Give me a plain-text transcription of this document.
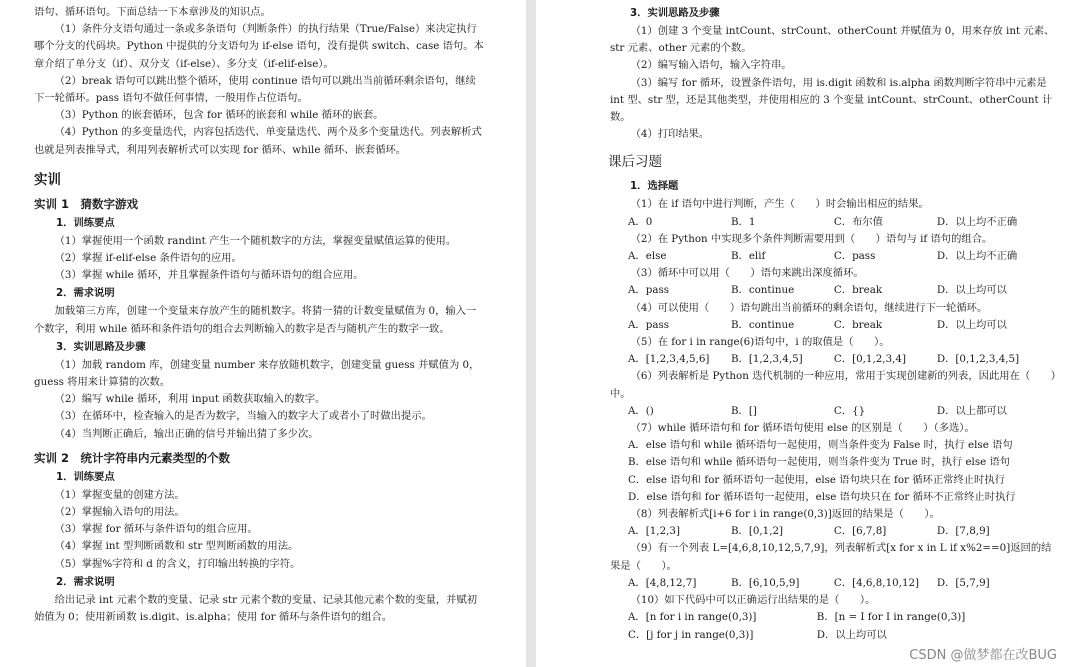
语句、循环语句。下面总结一下本章涉及的知识点。

（1）条件分支语句通过一条或多条语句（判断条件）的执行结果（True/False）来决定执行哪个分支的代码块。Python 中提供的分支语句为 if-else 语句，没有提供 switch、case 语句。本章介绍了单分支（if）、双分支（if-else）、多分支（if-elif-else）。

（2）break 语句可以跳出整个循环，使用 continue 语句可以跳出当前循环剩余语句，继续下一轮循环。pass 语句不做任何事情，一般用作占位语句。

（3）Python 的嵌套循环，包含 for 循环的嵌套和 while 循环的嵌套。

（4）Python 的多变量迭代，内容包括迭代、单变量迭代、两个及多个变量迭代。列表解析式也就是列表推导式，利用列表解析式可以实现 for 循环、while 循环、嵌套循环。

实训
实训 1　猜数字游戏
1．训练要点

（1）掌握使用一个函数 randint 产生一个随机数字的方法，掌握变量赋值运算的使用。

（2）掌握 if-elif-else 条件语句的应用。

（3）掌握 while 循环，并且掌握条件语句与循环语句的组合应用。

2．需求说明

加载第三方库，创建一个变量来存放产生的随机数字。将猜一猜的计数变量赋值为 0，输入一个数字，利用 while 循环和条件语句的组合去判断输入的数字是否与随机产生的数字一致。

3．实训思路及步骤

（1）加载 random 库，创建变量 number 来存放随机数字，创建变量 guess 并赋值为 0，guess 将用来计算猜的次数。

（2）编写 while 循环，利用 input 函数获取输入的数字。

（3）在循环中，检查输入的是否为数字，当输入的数字大了或者小了时做出提示。

（4）当判断正确后，输出正确的信号并输出猜了多少次。

实训 2　统计字符串内元素类型的个数
1．训练要点

（1）掌握变量的创建方法。

（2）掌握输入语句的用法。

（3）掌握 for 循环与条件语句的组合应用。

（4）掌握 int 型判断函数和 str 型判断函数的用法。

（5）掌握%字符和 d 的含义，打印输出转换的字符。

2．需求说明

给出记录 int 元素个数的变量、记录 str 元素个数的变量、记录其他元素个数的变量，并赋初始值为 0；使用新函数 is.digit、is.alpha；使用 for 循环与条件语句的组合。

3．实训思路及步骤

（1）创建 3 个变量 intCount、strCount、otherCount 并赋值为 0，用来存放 int 元素、str 元素、other 元素的个数。

（2）编写输入语句，输入字符串。

（3）编写 for 循环，设置条件语句，用 is.digit 函数和 is.alpha 函数判断字符串中元素是 int 型、str 型，还是其他类型，并使用相应的 3 个变量 intCount、strCount、otherCount 计数。

（4）打印结果。

课后习题
1．选择题

（1）在 if 语句中进行判断，产生（　　）时会输出相应的结果。

A．0	B．1	C．布尔值	D．以上均不正确

（2）在 Python 中实现多个条件判断需要用到（　　）语句与 if 语句的组合。

A．else	B．elif	C．pass	D．以上均不正确

（3）循环中可以用（　　）语句来跳出深度循环。

A．pass	B．continue	C．break	D．以上均可以

（4）可以使用（　　）语句跳出当前循环的剩余语句，继续进行下一轮循环。

A．pass	B．continue	C．break	D．以上均可以

（5）在 for i in range(6)语句中，i 的取值是（　　）。

A．[1,2,3,4,5,6]	B．[1,2,3,4,5]	C．[0,1,2,3,4]	D．[0,1,2,3,4,5]

（6）列表解析是 Python 迭代机制的一种应用，常用于实现创建新的列表，因此用在（　　）中。

A．()	B．[]	C．{}	D．以上都可以

（7）while 循环语句和 for 循环语句使用 else 的区别是（　　）（多选）。

A．else 语句和 while 循环语句一起使用，则当条件变为 False 时，执行 else 语句
B．else 语句和 while 循环语句一起使用，则当条件变为 True 时，执行 else 语句
C．else 语句和 for 循环语句一起使用，else 语句块只在 for 循环正常终止时执行
D．else 语句和 for 循环语句一起使用，else 语句块只在 for 循环不正常终止时执行

（8）列表解析式[i+6 for i in range(0,3)]返回的结果是（　　）。

A．[1,2,3]	B．[0,1,2]	C．[6,7,8]	D．[7,8,9]

（9）有一个列表 L=[4,6,8,10,12,5,7,9]，列表解析式[x for x in L if x%2==0]返回的结果是（　　）。

A．[4,8,12,7]	B．[6,10,5,9]	C．[4,6,8,10,12]	D．[5,7,9]

（10）如下代码中可以正确运行出结果的是（　　）。

A．[n for i in range(0,3)]	B．[n = I for I in range(0,3)]
C．[j for j in range(0,3)]	D．以上均可以
CSDN @做梦都在改BUG
